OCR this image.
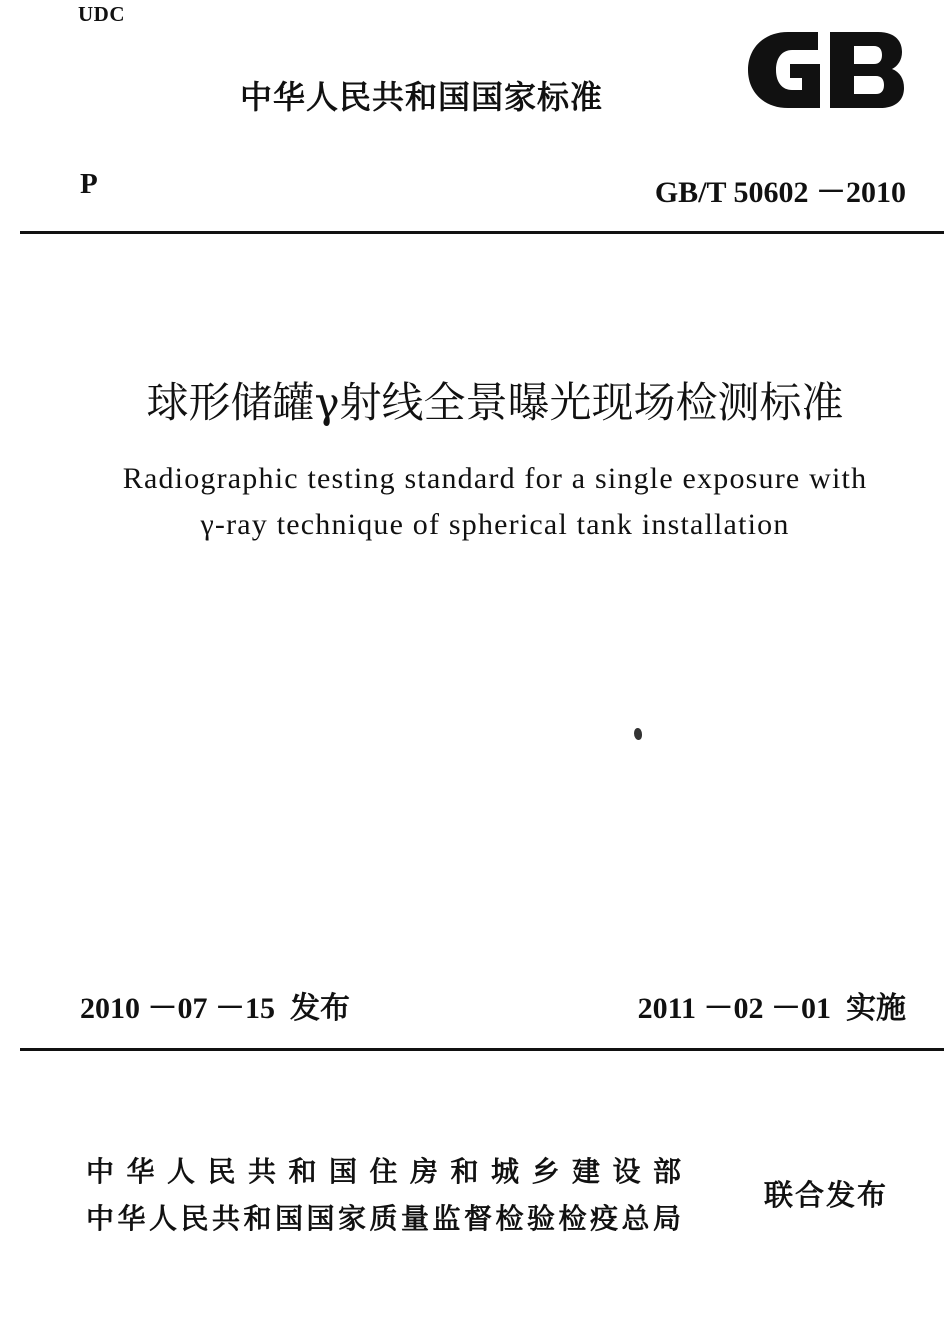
UDC
中华人民共和国国家标准
P	GB/T 50602 －2010
球形储罐γ射线全景曝光现场检测标准
Radiographic testing standard for a single exposure with
γ-ray technique of spherical tank installation
2010 －07 －15  发布	2011 －02 －01  实施
中华人民共和国住房和城乡建设部
中华人民共和国国家质量监督检验检疫总局
联合发布
